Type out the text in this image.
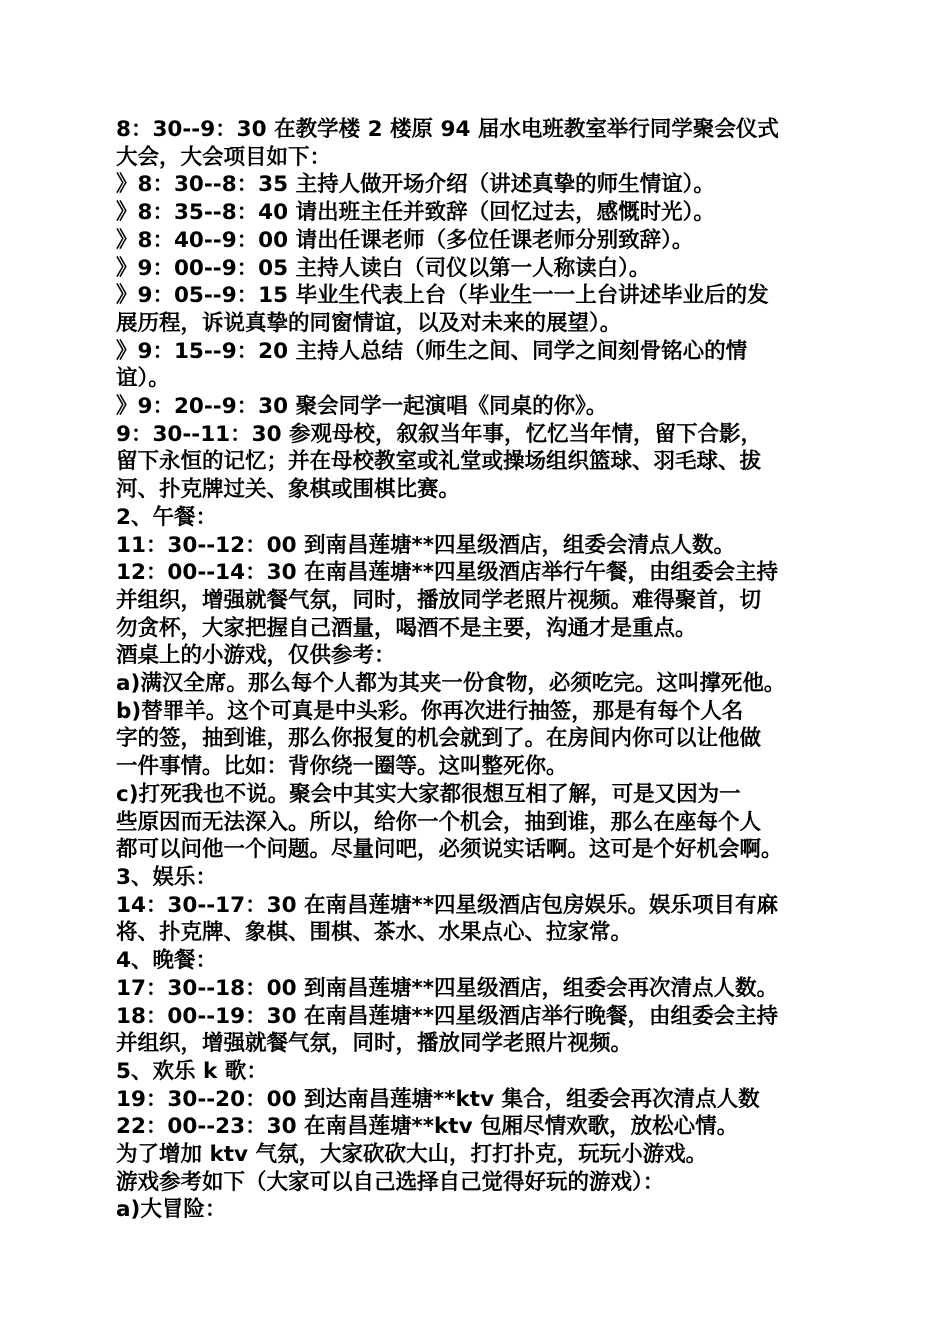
8：30--9：30 在教学楼 2 楼原 94 届水电班教室举行同学聚会仪式

大会，大会项目如下：

》8：30--8：35 主持人做开场介绍（讲述真挚的师生情谊）。

》8：35--8：40 请出班主任并致辞（回忆过去，感慨时光）。

》8：40--9：00 请出任课老师（多位任课老师分别致辞）。

》9：00--9：05 主持人读白（司仪以第一人称读白）。

》9：05--9：15 毕业生代表上台（毕业生一一上台讲述毕业后的发

展历程，诉说真挚的同窗情谊，以及对未来的展望）。

》9：15--9：20 主持人总结（师生之间、同学之间刻骨铭心的情

谊）。

》9：20--9：30 聚会同学一起演唱《同桌的你》。

9：30--11：30 参观母校，叙叙当年事，忆忆当年情，留下合影，

留下永恒的记忆；并在母校教室或礼堂或操场组织篮球、羽毛球、拔

河、扑克牌过关、象棋或围棋比赛。

2、午餐：

11：30--12：00 到南昌莲塘**四星级酒店，组委会清点人数。

12：00--14：30 在南昌莲塘**四星级酒店举行午餐，由组委会主持

并组织，增强就餐气氛，同时，播放同学老照片视频。难得聚首，切

勿贪杯，大家把握自己酒量，喝酒不是主要，沟通才是重点。

酒桌上的小游戏，仅供参考：

a)满汉全席。那么每个人都为其夹一份食物，必须吃完。这叫撑死他。

b)替罪羊。这个可真是中头彩。你再次进行抽签，那是有每个人名

字的签，抽到谁，那么你报复的机会就到了。在房间内你可以让他做

一件事情。比如：背你绕一圈等。这叫整死你。

c)打死我也不说。聚会中其实大家都很想互相了解，可是又因为一

些原因而无法深入。所以，给你一个机会，抽到谁，那么在座每个人

都可以问他一个问题。尽量问吧，必须说实话啊。这可是个好机会啊。

3、娱乐：

14：30--17：30 在南昌莲塘**四星级酒店包房娱乐。娱乐项目有麻

将、扑克牌、象棋、围棋、茶水、水果点心、拉家常。

4、晚餐：

17：30--18：00 到南昌莲塘**四星级酒店，组委会再次清点人数。

18：00--19：30 在南昌莲塘**四星级酒店举行晚餐，由组委会主持

并组织，增强就餐气氛，同时，播放同学老照片视频。

5、欢乐 k 歌：

19：30--20：00 到达南昌莲塘**ktv 集合，组委会再次清点人数

22：00--23：30 在南昌莲塘**ktv 包厢尽情欢歌，放松心情。

为了增加 ktv 气氛，大家砍砍大山，打打扑克，玩玩小游戏。

游戏参考如下（大家可以自己选择自己觉得好玩的游戏）：

a)大冒险：
